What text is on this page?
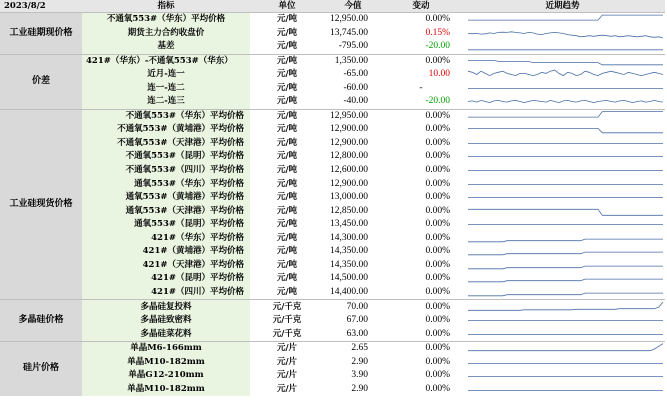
2023/8/2	指标	单位	今值	变动	近期趋势
工业硅期现价格	不通氧553#（华东）平均价格	元/吨	12,950.00	0.00%	

	期货主力合约收盘价	元/吨	13,745.00	0.15%	

	基差	元/吨	-795.00	-20.00	

价差	421#（华东）-不通氧553#（华东）	元/吨	1,350.00	0.00%	

	近月-连一	元/吨	-65.00	10.00	

	连一-连二	元/吨	-60.00	-	

	连二-连三	元/吨	-40.00	-20.00	

工业硅现货价格	不通氧553#（华东）平均价格	元/吨	12,950.00	0.00%	

	不通氧553#（黄埔港）平均价格	元/吨	12,900.00	0.00%	

	不通氧553#（天津港）平均价格	元/吨	12,900.00	0.00%	

	不通氧553#（昆明）平均价格	元/吨	12,800.00	0.00%	

	不通氧553#（四川）平均价格	元/吨	12,600.00	0.00%	

	通氧553#（华东）平均价格	元/吨	12,900.00	0.00%	

	通氧553#（黄埔港）平均价格	元/吨	13,000.00	0.00%	

	通氧553#（天津港）平均价格	元/吨	12,850.00	0.00%	

	通氧553#（昆明）平均价格	元/吨	13,450.00	0.00%	

	421#（华东）平均价格	元/吨	14,300.00	0.00%	

	421#（黄埔港）平均价格	元/吨	14,350.00	0.00%	

	421#（天津港）平均价格	元/吨	14,350.00	0.00%	

	421#（昆明）平均价格	元/吨	14,500.00	0.00%	

	421#（四川）平均价格	元/吨	14,400.00	0.00%	

多晶硅价格	多晶硅复投料	元/千克	70.00	0.00%	

	多晶硅致密料	元/千克	67.00	0.00%	

	多晶硅菜花料	元/千克	63.00	0.00%	

硅片价格	单晶M6-166mm	元/片	2.65	0.00%	

	单晶M10-182mm	元/片	2.90	0.00%	

	单晶G12-210mm	元/片	3.90	0.00%	

	单晶M10-182mm	元/片	2.90	0.00%	
